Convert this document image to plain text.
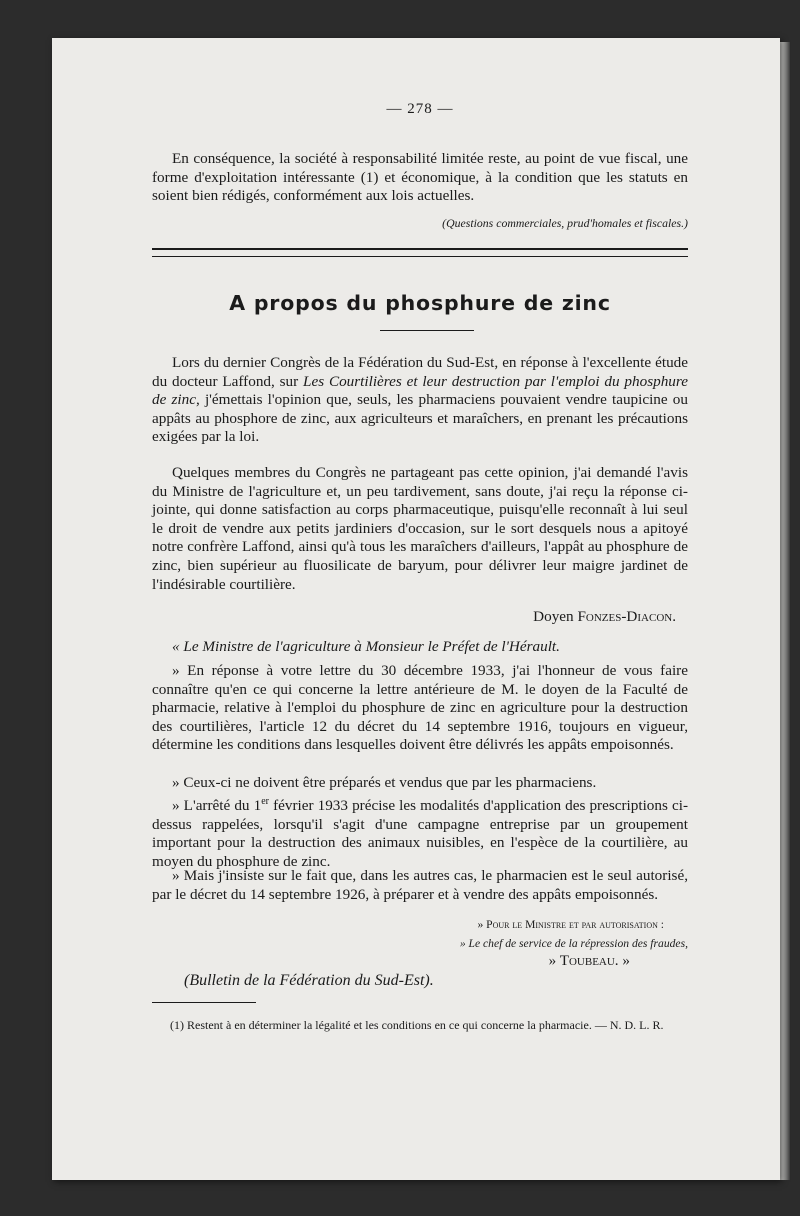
— 278 —

En conséquence, la société à responsabilité limitée reste, au point de vue fiscal, une forme d'exploitation intéressante (1) et économique, à la condition que les statuts en soient bien rédigés, conformément aux lois actuelles.

(Questions commerciales, prud'homales et fiscales.)
A propos du phosphure de zinc

Lors du dernier Congrès de la Fédération du Sud-Est, en réponse à l'excellente étude du docteur Laffond, sur Les Courtilières et leur destruction par l'emploi du phosphure de zinc, j'émettais l'opinion que, seuls, les pharmaciens pouvaient vendre taupicine ou appâts au phosphore de zinc, aux agriculteurs et maraîchers, en prenant les précautions exigées par la loi.

Quelques membres du Congrès ne partageant pas cette opinion, j'ai demandé l'avis du Ministre de l'agriculture et, un peu tardivement, sans doute, j'ai reçu la réponse ci-jointe, qui donne satisfaction au corps pharmaceutique, puisqu'elle reconnaît à lui seul le droit de vendre aux petits jardiniers d'occasion, sur le sort desquels nous a apitoyé notre confrère Laffond, ainsi qu'à tous les maraîchers d'ailleurs, l'appât au phosphure de zinc, bien supérieur au fluosilicate de baryum, pour délivrer leur maigre jardinet de l'indésirable courtilière.

Doyen Fonzes-Diacon.

« Le Ministre de l'agriculture à Monsieur le Préfet de l'Hérault.

» En réponse à votre lettre du 30 décembre 1933, j'ai l'honneur de vous faire connaître qu'en ce qui concerne la lettre antérieure de M. le doyen de la Faculté de pharmacie, relative à l'emploi du phosphure de zinc en agriculture pour la destruction des courtilières, l'article 12 du décret du 14 septembre 1916, toujours en vigueur, détermine les conditions dans lesquelles doivent être délivrés les appâts empoisonnés.

» Ceux-ci ne doivent être préparés et vendus que par les pharmaciens.

» L'arrêté du 1er février 1933 précise les modalités d'application des prescriptions ci-dessus rappelées, lorsqu'il s'agit d'une campagne entreprise par un groupement important pour la destruction des animaux nuisibles, en l'espèce de la courtilière, au moyen du phosphure de zinc.

» Mais j'insiste sur le fait que, dans les autres cas, le pharmacien est le seul autorisé, par le décret du 14 septembre 1926, à préparer et à vendre des appâts empoisonnés.

» Pour le Ministre et par autorisation :
» Le chef de service de la répression des fraudes,
» Toubeau. »
(Bulletin de la Fédération du Sud-Est).

(1) Restent à en déterminer la légalité et les conditions en ce qui concerne la pharmacie. — N. D. L. R.
